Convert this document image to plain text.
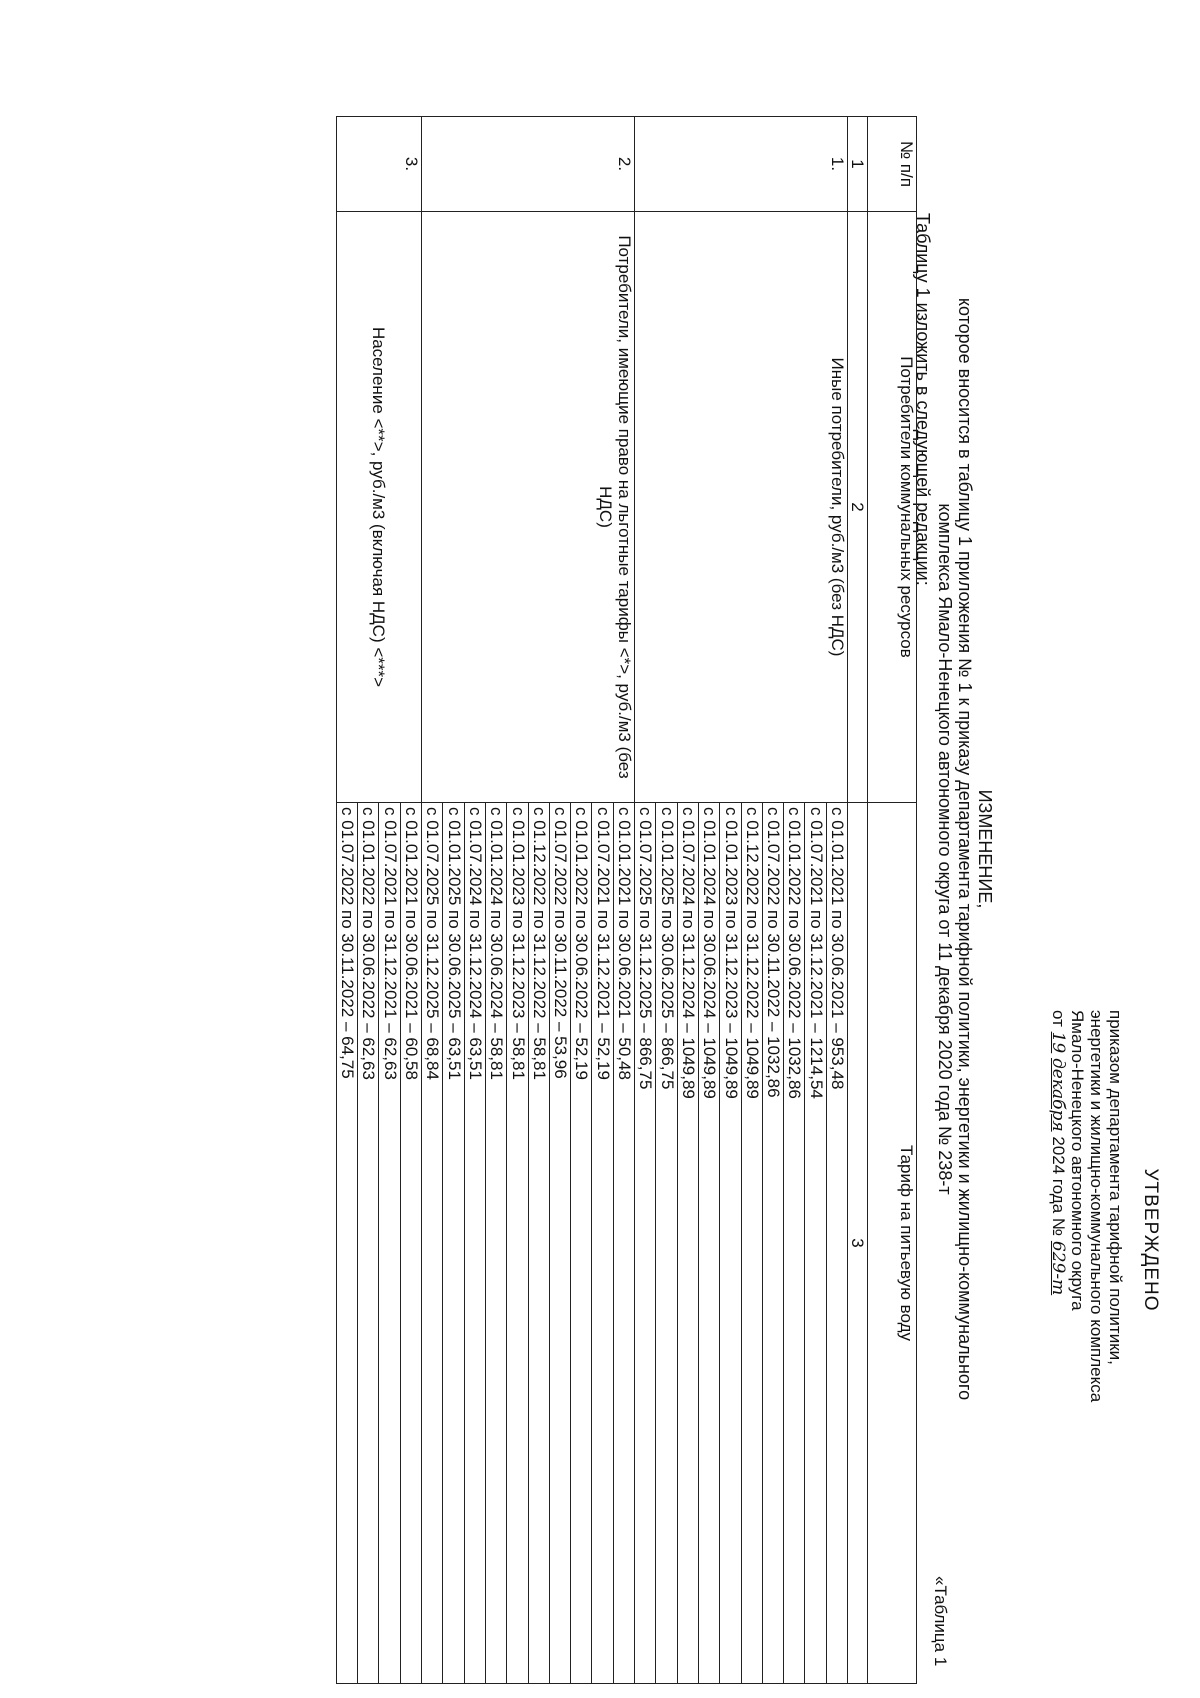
УТВЕРЖДЕНО
приказом департамента тарифной политики,
энергетики и жилищно-коммунального комплекса
Ямало-Ненецкого автономного округа
от 19 декабря 2024 года № 629-т
ИЗМЕНЕНИЕ,
которое вносится в таблицу 1 приложения № 1 к приказу департамента тарифной политики, энергетики и жилищно-коммунального
комплекса Ямало-Ненецкого автономного округа от 11 декабря 2020 года № 238-т
Таблицу 1 изложить в следующей редакции:
«Таблица 1
№ п/п	Потребители коммунальных ресурсов	Тариф на питьевую воду
1	2	3
1.	Иные потребители, руб./м3 (без НДС)	с 01.01.2021 по 30.06.2021 – 953,48
		с 01.07.2021 по 31.12.2021 – 1214,54
		с 01.01.2022 по 30.06.2022 – 1032,86
		с 01.07.2022 по 30.11.2022 – 1032,86
		с 01.12.2022 по 31.12.2022 – 1049,89
		с 01.01.2023 по 31.12.2023 – 1049,89
		с 01.01.2024 по 30.06.2024 – 1049,89
		с 01.07.2024 по 31.12.2024 – 1049,89
		с 01.01.2025 по 30.06.2025 – 866,75
		с 01.07.2025 по 31.12.2025 – 866,75
2.	Потребители, имеющие право на льготные тарифы <*>, руб./м3 (без НДС)	с 01.01.2021 по 30.06.2021 – 50,48
		с 01.07.2021 по 31.12.2021 – 52,19
		с 01.01.2022 по 30.06.2022 – 52,19
		с 01.07.2022 по 30.11.2022 – 53,96
		с 01.12.2022 по 31.12.2022 – 58,81
		с 01.01.2023 по 31.12.2023 – 58,81
		с 01.01.2024 по 30.06.2024 – 58,81
		с 01.07.2024 по 31.12.2024 – 63,51
		с 01.01.2025 по 30.06.2025 – 63,51
		с 01.07.2025 по 31.12.2025 – 68,84
3.	Население <**>, руб./м3 (включая НДС) <***>	с 01.01.2021 по 30.06.2021 – 60,58
		с 01.07.2021 по 31.12.2021 – 62,63
		с 01.01.2022 по 30.06.2022 – 62,63
		с 01.07.2022 по 30.11.2022 – 64,75
